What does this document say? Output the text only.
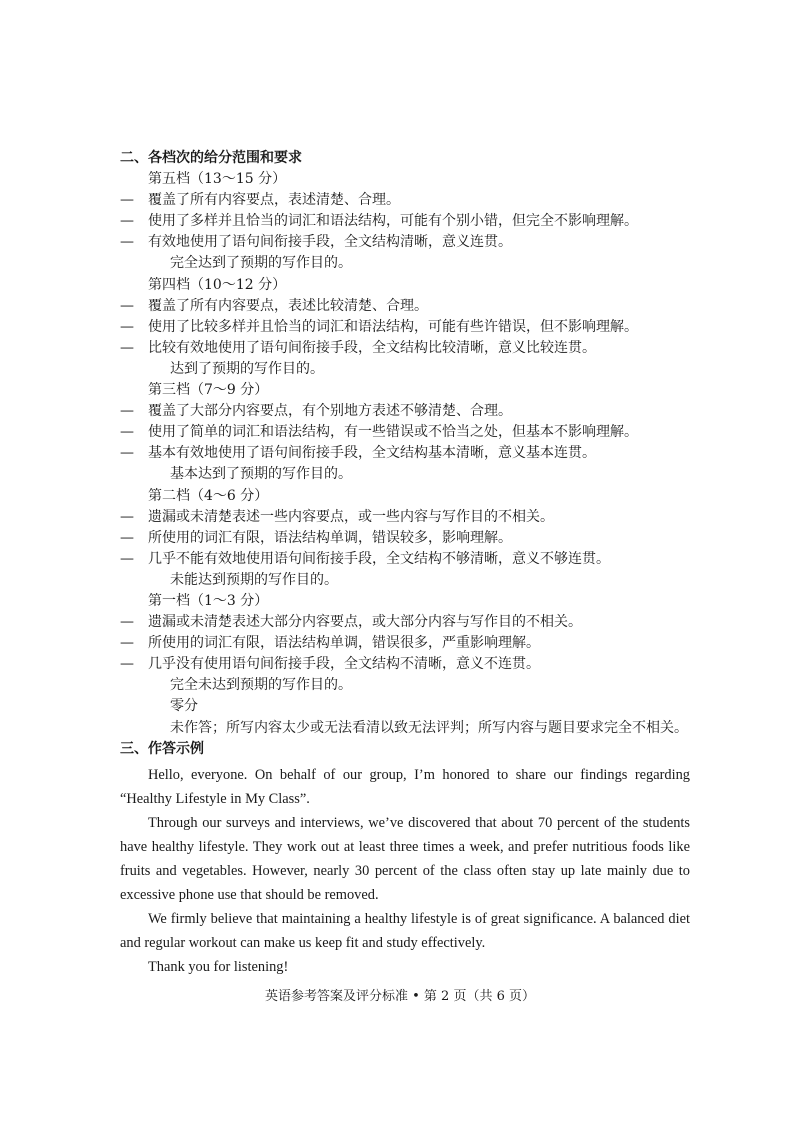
二、各档次的给分范围和要求
第五档（13～15 分）
— 覆盖了所有内容要点，表述清楚、合理。
— 使用了多样并且恰当的词汇和语法结构，可能有个别小错，但完全不影响理解。
— 有效地使用了语句间衔接手段，全文结构清晰，意义连贯。
完全达到了预期的写作目的。
第四档（10～12 分）
— 覆盖了所有内容要点，表述比较清楚、合理。
— 使用了比较多样并且恰当的词汇和语法结构，可能有些许错误，但不影响理解。
— 比较有效地使用了语句间衔接手段，全文结构比较清晰，意义比较连贯。
达到了预期的写作目的。
第三档（7～9 分）
— 覆盖了大部分内容要点，有个别地方表述不够清楚、合理。
— 使用了简单的词汇和语法结构，有一些错误或不恰当之处，但基本不影响理解。
— 基本有效地使用了语句间衔接手段，全文结构基本清晰，意义基本连贯。
基本达到了预期的写作目的。
第二档（4～6 分）
— 遗漏或未清楚表述一些内容要点，或一些内容与写作目的不相关。
— 所使用的词汇有限，语法结构单调，错误较多，影响理解。
— 几乎不能有效地使用语句间衔接手段，全文结构不够清晰，意义不够连贯。
未能达到预期的写作目的。
第一档（1～3 分）
— 遗漏或未清楚表述大部分内容要点，或大部分内容与写作目的不相关。
— 所使用的词汇有限，语法结构单调，错误很多，严重影响理解。
— 几乎没有使用语句间衔接手段，全文结构不清晰，意义不连贯。
完全未达到预期的写作目的。
零分
未作答；所写内容太少或无法看清以致无法评判；所写内容与题目要求完全不相关。
三、作答示例

Hello, everyone. On behalf of our group, I’m honored to share our findings regarding “Healthy Lifestyle in My Class”.

Through our surveys and interviews, we’ve discovered that about 70 percent of the students have healthy lifestyle. They work out at least three times a week, and prefer nutritious foods like fruits and vegetables. However, nearly 30 percent of the class often stay up late mainly due to excessive phone use that should be removed.

We firmly believe that maintaining a healthy lifestyle is of great significance. A balanced diet and regular workout can make us keep fit and study effectively.

Thank you for listening!

英语参考答案及评分标准 • 第 2 页（共 6 页）
